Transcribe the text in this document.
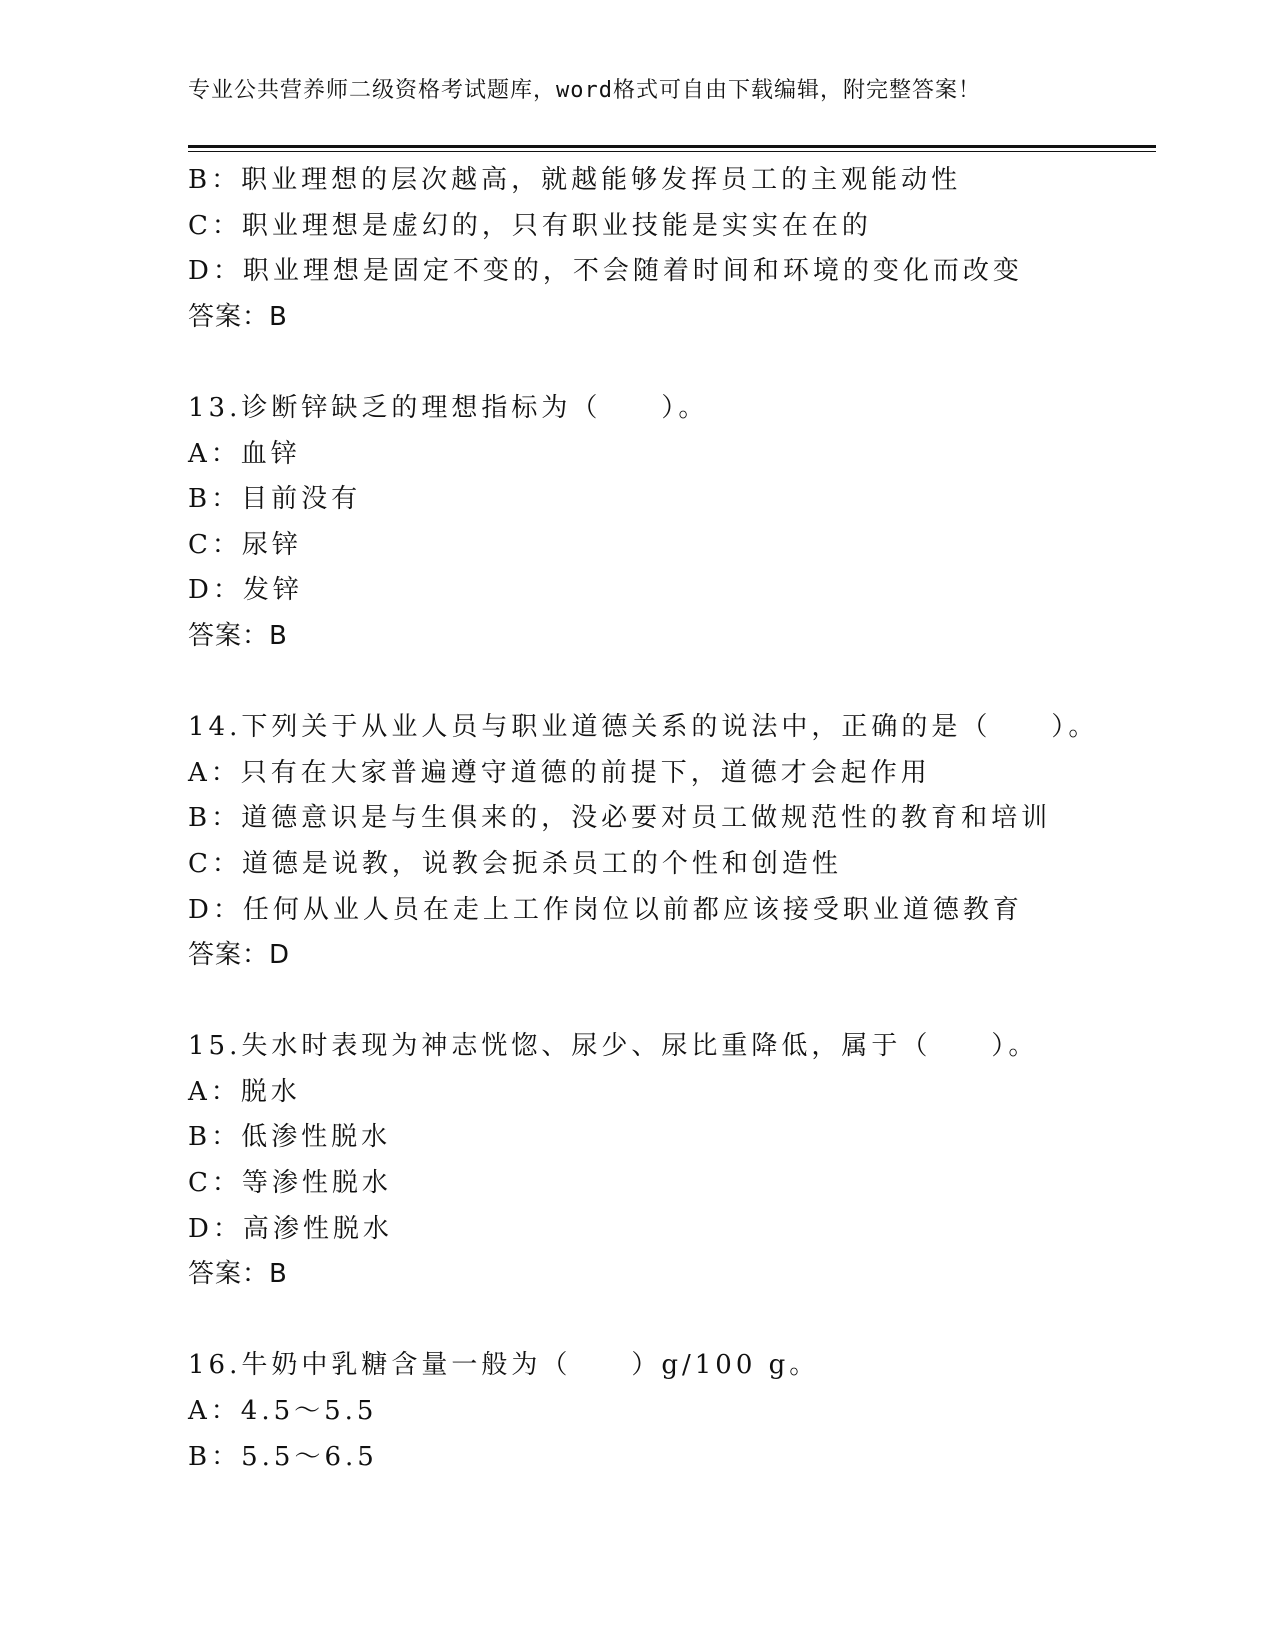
专业公共营养师二级资格考试题库，word格式可自由下载编辑，附完整答案！
B：职业理想的层次越高，就越能够发挥员工的主观能动性
C：职业理想是虚幻的，只有职业技能是实实在在的
D：职业理想是固定不变的，不会随着时间和环境的变化而改变
答案：B
13.诊断锌缺乏的理想指标为（　　）。
A：血锌
B：目前没有
C：尿锌
D：发锌
答案：B
14.下列关于从业人员与职业道德关系的说法中，正确的是（　　）。
A：只有在大家普遍遵守道德的前提下，道德才会起作用
B：道德意识是与生俱来的，没必要对员工做规范性的教育和培训
C：道德是说教，说教会扼杀员工的个性和创造性
D：任何从业人员在走上工作岗位以前都应该接受职业道德教育
答案：D
15.失水时表现为神志恍惚、尿少、尿比重降低，属于（　　）。
A：脱水
B：低渗性脱水
C：等渗性脱水
D：高渗性脱水
答案：B
16.牛奶中乳糖含量一般为（　　）g/100 g。
A：4.5～5.5
B：5.5～6.5
